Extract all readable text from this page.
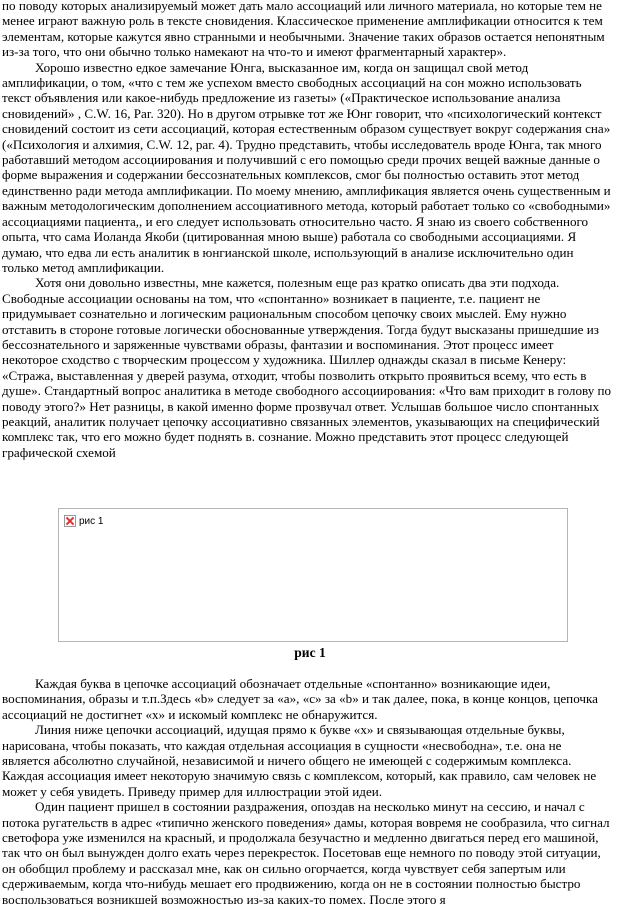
по поводу которых анализируемый может дать мало ассоциаций или личного материала, но которые тем не менее играют важную роль в тексте сновидения. Классическое применение амплификации относится к тем элементам, которые кажутся явно странными и необычными. Значение таких образов остается непонятным из-за того, что они обычно только намекают на что-то и имеют фрагментарный характер».

Хорошо известно едкое замечание Юнга, высказанное им, когда он защищал свой метод амплификации, о том, «что с тем же успехом вместо свободных ассоциаций на сон можно использовать текст объявления или какое-нибудь предложение из газеты» («Практическое использование анализа сновидений» , C.W. 16, Par. 320). Но в другом отрывке тот же Юнг говорит, что «психологический контекст сновидений состоит из сети ассоциаций, которая естественным образом существует вокруг содержания сна» («Психология и алхимия, C.W. 12, par. 4). Трудно представить, чтобы исследователь вроде Юнга, так много работавший методом ассоциирования и получивший с его помощью среди прочих вещей важные данные о форме выражения и содержании бессознательных комплексов, смог бы полностью оставить этот метод единственно ради метода амплификации. По моему мнению, амплификация является очень существенным и важным методологическим дополнением ассоциативного метода, который работает только со «свободными» ассоциациями пациента,, и его следует использовать относительно часто. Я знаю из своего собственного опыта, что сама Иоланда Якоби (цитированная мною выше) работала со свободными ассоциациями. Я думаю, что едва ли есть аналитик в юнгианской школе, использующий в анализе исключительно один только метод амплификации.

Хотя они довольно известны, мне кажется, полезным еще раз кратко описать два эти подхода. Свободные ассоциации основаны на том, что «спонтанно» возникает в пациенте, т.е. пациент не придумывает сознательно и логическим рациональным способом цепочку своих мыслей. Ему нужно отставить в стороне готовые логически обоснованные утверждения. Тогда будут высказаны пришедшие из бессознательного и заряженные чувствами образы, фантазии и воспоминания. Этот процесс имеет некоторое сходство с творческим процессом у художника. Шиллер однажды сказал в письме Кенеру: «Стража, выставленная у дверей разума, отходит, чтобы позволить открыто проявиться всему, что есть в душе». Стандартный вопрос аналитика в методе свободного ассоциирования: «Что вам приходит в голову по поводу этого?» Нет разницы, в какой именно форме прозвучал ответ. Услышав большое число спонтанных реакций, аналитик получает цепочку ассоциативно связанных элементов, указывающих на специфический комплекс так, что его можно будет поднять в. сознание. Можно представить этот процесс следующей графической схемой

рис 1
рис 1

Каждая буква в цепочке ассоциаций обозначает отдельные «спонтанно» возникающие идеи, воспоминания, образы и т.п.Здесь «b» следует за «a», «c» за «b» и так далее, пока, в конце концов, цепочка ассоциаций не достигнет «x» и искомый комплекс не обнаружится.

Линия ниже цепочки ассоциаций, идущая прямо к букве «x» и связывающая отдельные буквы, нарисована, чтобы показать, что каждая отдельная ассоциация в сущности «несвободна», т.е. она не является абсолютно случайной, независимой и ничего общего не имеющей с содержимым комплекса. Каждая ассоциация имеет некоторую значимую связь с комплексом, который, как правило, сам человек не может у себя увидеть. Приведу пример для иллюстрации этой идеи.

Один пациент пришел в состоянии раздражения, опоздав на несколько минут на сессию, и начал с потока ругательств в адрес «типично женского поведения» дамы, которая вовремя не сообразила, что сигнал светофора уже изменился на красный, и продолжала безучастно и медленно двигаться перед его машиной, так что он был вынужден долго ехать через перекресток. Посетовав еще немного по поводу этой ситуации, он обобщил проблему и рассказал мне, как он сильно огорчается, когда чувствует себя запертым или сдерживаемым, когда что-нибудь мешает его продвижению, когда он не в состоянии полностью быстро воспользоваться возникшей возможностью из-за каких-то помех. После этого я
